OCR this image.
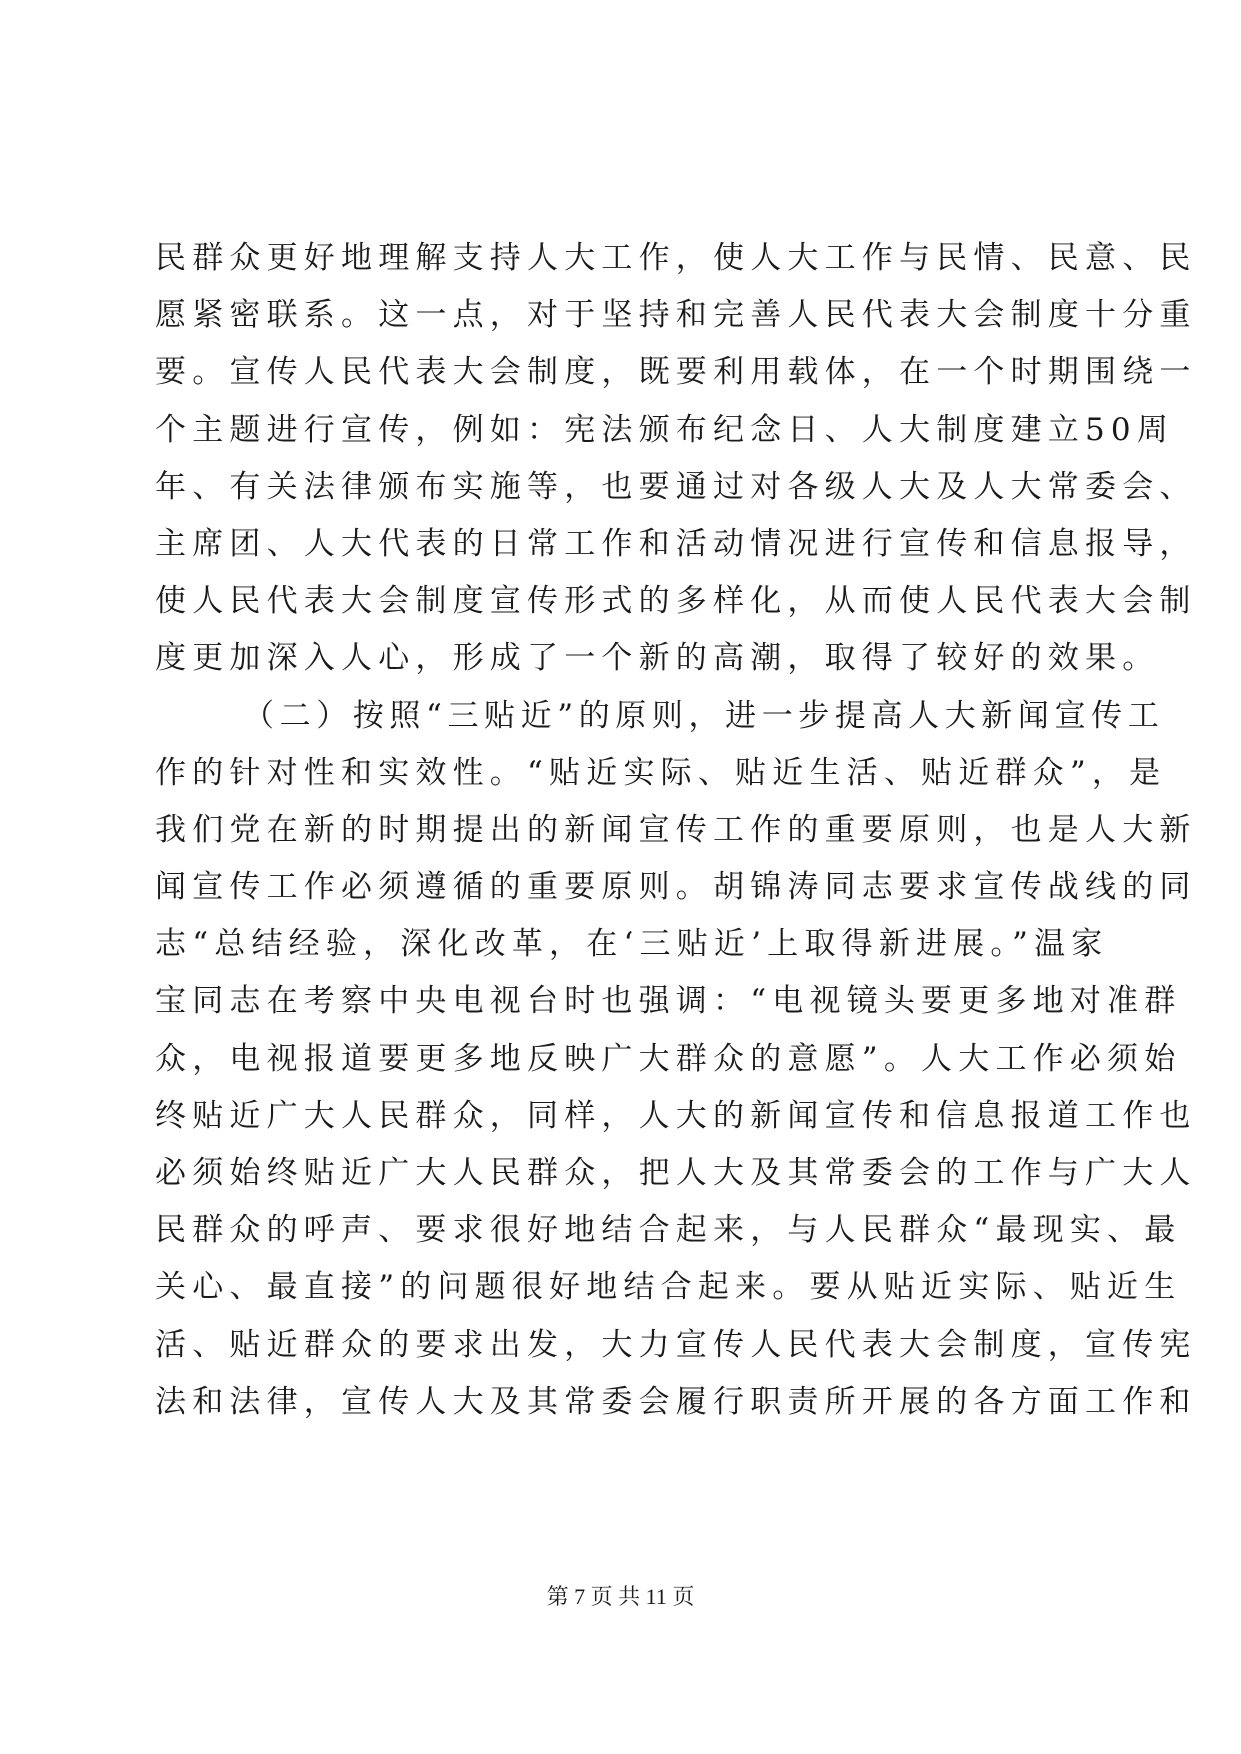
民群众更好地理解支持人大工作，使人大工作与民情、民意、民
愿紧密联系。这一点，对于坚持和完善人民代表大会制度十分重
要。宣传人民代表大会制度，既要利用载体，在一个时期围绕一
个主题进行宣传，例如：宪法颁布纪念日、人大制度建立50周
年、有关法律颁布实施等，也要通过对各级人大及人大常委会、
主席团、人大代表的日常工作和活动情况进行宣传和信息报导，
使人民代表大会制度宣传形式的多样化，从而使人民代表大会制
度更加深入人心，形成了一个新的高潮，取得了较好的效果。
（二）按照“三贴近”的原则，进一步提高人大新闻宣传工
作的针对性和实效性。“贴近实际、贴近生活、贴近群众”，是
我们党在新的时期提出的新闻宣传工作的重要原则，也是人大新
闻宣传工作必须遵循的重要原则。胡锦涛同志要求宣传战线的同
志“总结经验，深化改革，在‘三贴近’上取得新进展。”温家
宝同志在考察中央电视台时也强调：“电视镜头要更多地对准群
众，电视报道要更多地反映广大群众的意愿”。人大工作必须始
终贴近广大人民群众，同样，人大的新闻宣传和信息报道工作也
必须始终贴近广大人民群众，把人大及其常委会的工作与广大人
民群众的呼声、要求很好地结合起来，与人民群众“最现实、最
关心、最直接”的问题很好地结合起来。要从贴近实际、贴近生
活、贴近群众的要求出发，大力宣传人民代表大会制度，宣传宪
法和法律，宣传人大及其常委会履行职责所开展的各方面工作和
第 7 页 共 11 页
